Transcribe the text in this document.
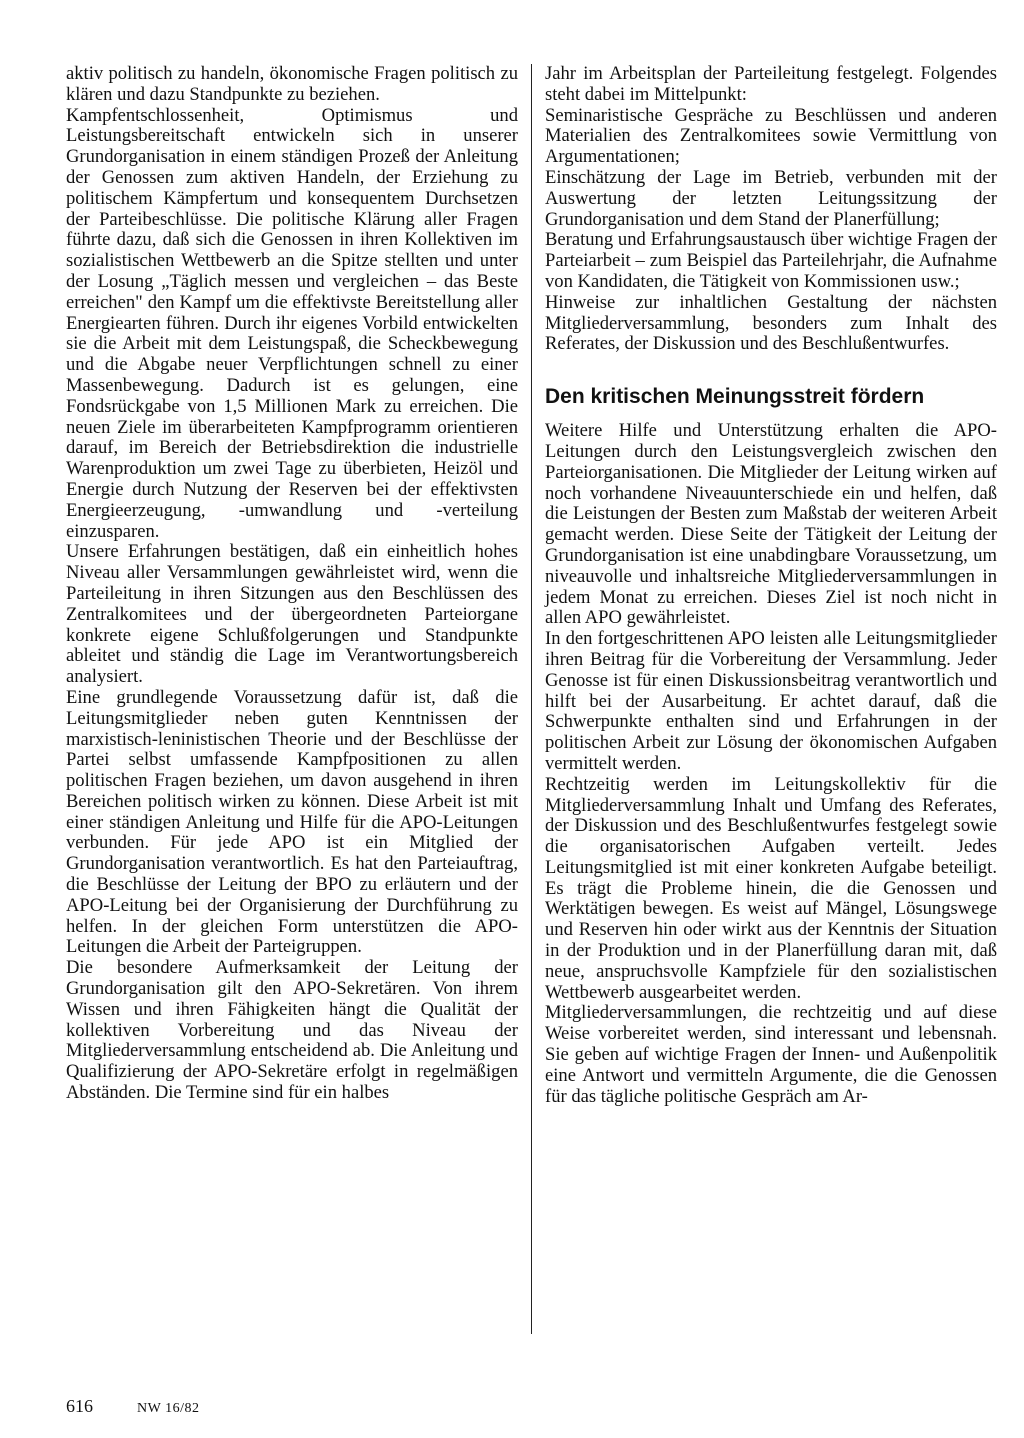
aktiv politisch zu handeln, ökonomische Fragen politisch zu klären und dazu Standpunkte zu beziehen.

Kampfentschlossenheit, Optimismus und Leistungsbereitschaft entwickeln sich in unserer Grundorganisation in einem ständigen Prozeß der Anleitung der Genossen zum aktiven Handeln, der Erziehung zu politischem Kämpfertum und konsequentem Durchsetzen der Parteibeschlüsse. Die politische Klärung aller Fragen führte dazu, daß sich die Genossen in ihren Kollektiven im sozialistischen Wettbewerb an die Spitze stellten und unter der Losung „Täglich messen und vergleichen – das Beste erreichen" den Kampf um die effektivste Bereitstellung aller Energiearten führen. Durch ihr eigenes Vorbild entwickelten sie die Arbeit mit dem Leistungspaß, die Scheckbewegung und die Abgabe neuer Verpflichtungen schnell zu einer Massenbewegung. Dadurch ist es gelungen, eine Fondsrückgabe von 1,5 Millionen Mark zu erreichen. Die neuen Ziele im überarbeiteten Kampfprogramm orientieren darauf, im Bereich der Betriebsdirektion die industrielle Warenproduktion um zwei Tage zu überbieten, Heizöl und Energie durch Nutzung der Reserven bei der effektivsten Energieerzeugung, -umwandlung und -verteilung einzusparen.

Unsere Erfahrungen bestätigen, daß ein einheitlich hohes Niveau aller Versammlungen gewährleistet wird, wenn die Parteileitung in ihren Sitzungen aus den Beschlüssen des Zentralkomitees und der übergeordneten Parteiorgane konkrete eigene Schlußfolgerungen und Standpunkte ableitet und ständig die Lage im Verantwortungsbereich analysiert.

Eine grundlegende Voraussetzung dafür ist, daß die Leitungsmitglieder neben guten Kenntnissen der marxistisch-leninistischen Theorie und der Beschlüsse der Partei selbst umfassende Kampfpositionen zu allen politischen Fragen beziehen, um davon ausgehend in ihren Bereichen politisch wirken zu können. Diese Arbeit ist mit einer ständigen Anleitung und Hilfe für die APO-Leitungen verbunden. Für jede APO ist ein Mitglied der Grundorganisation verantwortlich. Es hat den Parteiauftrag, die Beschlüsse der Leitung der BPO zu erläutern und der APO-Leitung bei der Organisierung der Durchführung zu helfen. In der gleichen Form unterstützen die APO-Leitungen die Arbeit der Parteigruppen.

Die besondere Aufmerksamkeit der Leitung der Grundorganisation gilt den APO-Sekretären. Von ihrem Wissen und ihren Fähigkeiten hängt die Qualität der kollektiven Vorbereitung und das Niveau der Mitgliederversammlung entscheidend ab. Die Anleitung und Qualifizierung der APO-Sekretäre erfolgt in regelmäßigen Abständen. Die Termine sind für ein halbes

Jahr im Arbeitsplan der Parteileitung festgelegt. Folgendes steht dabei im Mittelpunkt:

Seminaristische Gespräche zu Beschlüssen und anderen Materialien des Zentralkomitees sowie Vermittlung von Argumentationen;

Einschätzung der Lage im Betrieb, verbunden mit der Auswertung der letzten Leitungssitzung der Grundorganisation und dem Stand der Planerfüllung;

Beratung und Erfahrungsaustausch über wichtige Fragen der Parteiarbeit – zum Beispiel das Parteilehrjahr, die Aufnahme von Kandidaten, die Tätigkeit von Kommissionen usw.;

Hinweise zur inhaltlichen Gestaltung der nächsten Mitgliederversammlung, besonders zum Inhalt des Referates, der Diskussion und des Beschlußentwurfes.

Den kritischen Meinungsstreit fördern

Weitere Hilfe und Unterstützung erhalten die APO-Leitungen durch den Leistungsvergleich zwischen den Parteiorganisationen. Die Mitglieder der Leitung wirken auf noch vorhandene Niveauunterschiede ein und helfen, daß die Leistungen der Besten zum Maßstab der weiteren Arbeit gemacht werden. Diese Seite der Tätigkeit der Leitung der Grundorganisation ist eine unabdingbare Voraussetzung, um niveauvolle und inhaltsreiche Mitgliederversammlungen in jedem Monat zu erreichen. Dieses Ziel ist noch nicht in allen APO gewährleistet.

In den fortgeschrittenen APO leisten alle Leitungsmitglieder ihren Beitrag für die Vorbereitung der Versammlung. Jeder Genosse ist für einen Diskussionsbeitrag verantwortlich und hilft bei der Ausarbeitung. Er achtet darauf, daß die Schwerpunkte enthalten sind und Erfahrungen in der politischen Arbeit zur Lösung der ökonomischen Aufgaben vermittelt werden.

Rechtzeitig werden im Leitungskollektiv für die Mitgliederversammlung Inhalt und Umfang des Referates, der Diskussion und des Beschlußentwurfes festgelegt sowie die organisatorischen Aufgaben verteilt. Jedes Leitungsmitglied ist mit einer konkreten Aufgabe beteiligt. Es trägt die Probleme hinein, die die Genossen und Werktätigen bewegen. Es weist auf Mängel, Lösungswege und Reserven hin oder wirkt aus der Kenntnis der Situation in der Produktion und in der Planerfüllung daran mit, daß neue, anspruchsvolle Kampfziele für den sozialistischen Wettbewerb ausgearbeitet werden.

Mitgliederversammlungen, die rechtzeitig und auf diese Weise vorbereitet werden, sind interessant und lebensnah. Sie geben auf wichtige Fragen der Innen- und Außenpolitik eine Antwort und vermitteln Argumente, die die Genossen für das tägliche politische Gespräch am Ar-

616	NW 16/82
